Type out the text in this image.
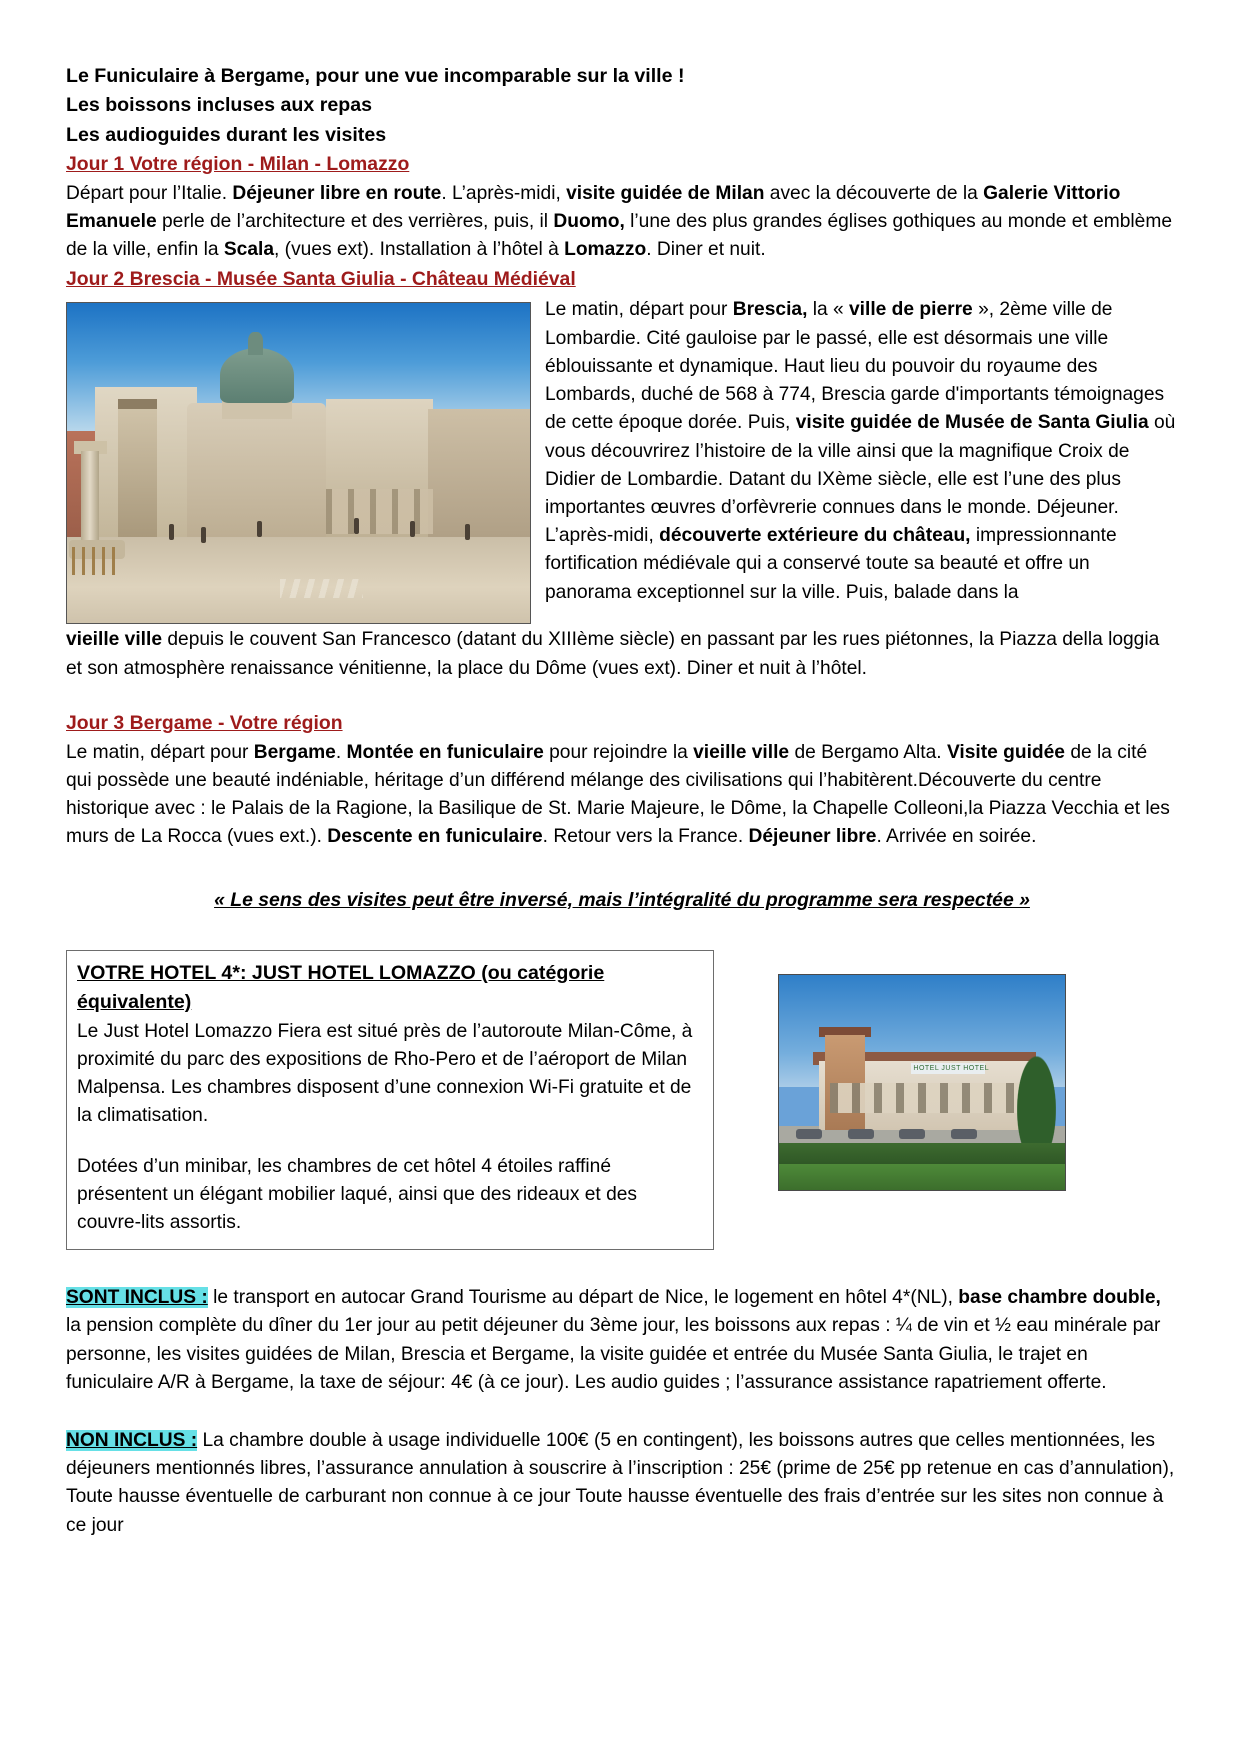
Le Funiculaire à Bergame, pour une vue incomparable sur la ville !
Les boissons incluses aux repas
Les audioguides durant les visites
Jour 1 Votre région - Milan - Lomazzo

Départ pour l’Italie. Déjeuner libre en route. L’après-midi, visite guidée de Milan avec la découverte de la Galerie Vittorio Emanuele perle de l’architecture et des verrières, puis, il Duomo, l’une des plus grandes églises gothiques au monde et emblème de la ville, enfin la Scala, (vues ext). Installation à l’hôtel à Lomazzo. Diner et nuit.

Jour 2 Brescia - Musée Santa Giulia - Château Médiéval

Le matin, départ pour Brescia, la « ville de pierre », 2ème ville de Lombardie. Cité gauloise par le passé, elle est désormais une ville éblouissante et dynamique. Haut lieu du pouvoir du royaume des Lombards, duché de 568 à 774, Brescia garde d'importants témoignages de cette époque dorée. Puis, visite guidée de Musée de Santa Giulia où vous découvrirez l’histoire de la ville ainsi que la magnifique Croix de Didier de Lombardie. Datant du IXème siècle, elle est l’une des plus importantes œuvres d’orfèvrerie connues dans le monde. Déjeuner. L’après-midi, découverte extérieure du château, impressionnante fortification médiévale qui a conservé toute sa beauté et offre un panorama exceptionnel sur la ville. Puis, balade dans la

vieille ville depuis le couvent San Francesco (datant du XIIIème siècle) en passant par les rues piétonnes, la Piazza della loggia et son atmosphère renaissance vénitienne, la place du Dôme (vues ext). Diner et nuit à l’hôtel.

Jour 3 Bergame - Votre région

Le matin, départ pour Bergame. Montée en funiculaire pour rejoindre la vieille ville de Bergamo Alta. Visite guidée de la cité qui possède une beauté indéniable, héritage d’un différend mélange des civilisations qui l’habitèrent.Découverte du centre historique avec : le Palais de la Ragione, la Basilique de St. Marie Majeure, le Dôme, la Chapelle Colleoni,la Piazza Vecchia et les murs de La Rocca (vues ext.). Descente en funiculaire. Retour vers la France. Déjeuner libre. Arrivée en soirée.

« Le sens des visites peut être inversé, mais l’intégralité du programme sera respectée »
VOTRE HOTEL 4*: JUST HOTEL LOMAZZO (ou catégorie équivalente)

Le Just Hotel Lomazzo Fiera est situé près de l’autoroute Milan-Côme, à proximité du parc des expositions de Rho-Pero et de l’aéroport de Milan Malpensa. Les chambres disposent d’une connexion Wi-Fi gratuite et de la climatisation.

Dotées d’un minibar, les chambres de cet hôtel 4 étoiles raffiné présentent un élégant mobilier laqué, ainsi que des rideaux et des couvre-lits assortis.

HOTEL JUST HOTEL

SONT INCLUS : le transport en autocar Grand Tourisme au départ de Nice, le logement en hôtel 4*(NL), base chambre double, la pension complète du dîner du 1er jour au petit déjeuner du 3ème jour, les boissons aux repas : ¼ de vin et ½ eau minérale par personne, les visites guidées de Milan, Brescia et Bergame, la visite guidée et entrée du Musée Santa Giulia, le trajet en funiculaire A/R à Bergame, la taxe de séjour: 4€ (à ce jour). Les audio guides ; l’assurance assistance rapatriement offerte.

NON INCLUS : La chambre double à usage individuelle 100€ (5 en contingent), les boissons autres que celles mentionnées, les déjeuners mentionnés libres, l’assurance annulation à souscrire à l’inscription : 25€ (prime de 25€ pp retenue en cas d’annulation), Toute hausse éventuelle de carburant non connue à ce jour Toute hausse éventuelle des frais d’entrée sur les sites non connue à ce jour
